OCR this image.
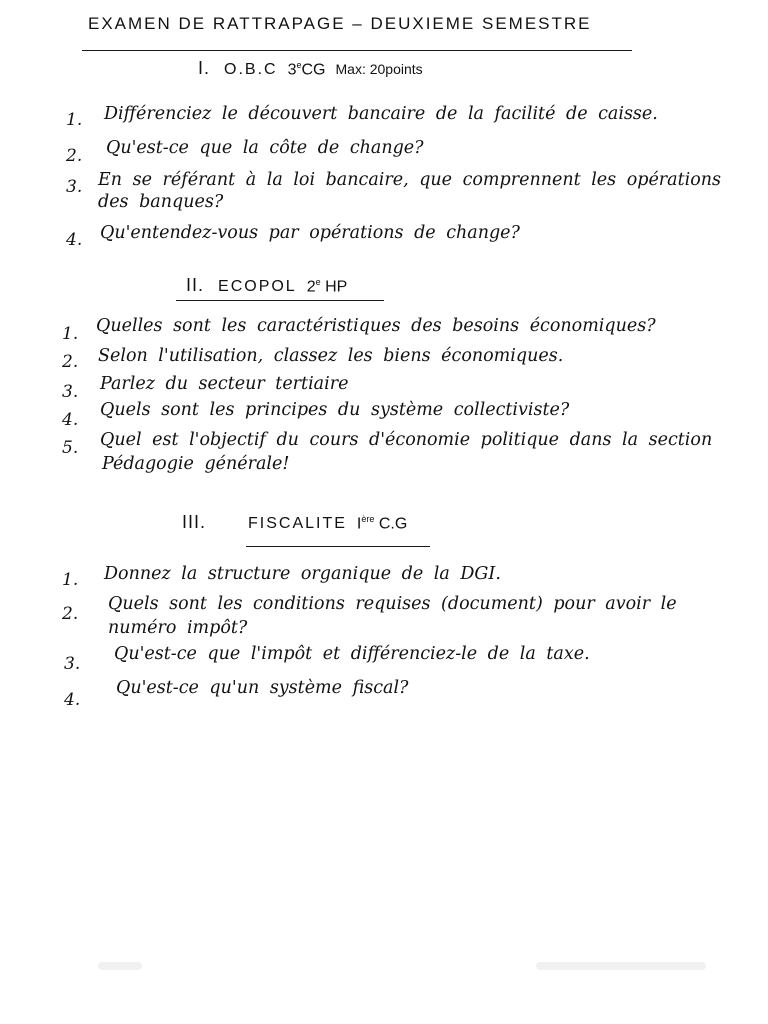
EXAMEN DE RATTRAPAGE – DEUXIEME SEMESTRE
I. O.B.C 3eCG Max: 20points
1.	Différenciez le découvert bancaire de la facilité de caisse.
2.	Qu'est-ce que la côte de change?
3. En se référant à la loi bancaire, que comprennent les opérations
des banques?
4.	Qu'entendez-vous par opérations de change?
II. ECOPOL 2e HP
1.	Quelles sont les caractéristiques des besoins économiques?
2.	Selon l'utilisation, classez les biens économiques.
3.	Parlez du secteur tertiaire
4.	Quels sont les principes du système collectiviste?
5.	Quel est l'objectif du cours d'économie politique dans la section
Pédagogie générale!
III.	FISCALITE Ière C.G
1.	Donnez la structure organique de la DGI.
2.	Quels sont les conditions requises (document) pour avoir le
numéro impôt?
3.	Qu'est-ce que l'impôt et différenciez-le de la taxe.
4.
Qu'est-ce qu'un système fiscal?
